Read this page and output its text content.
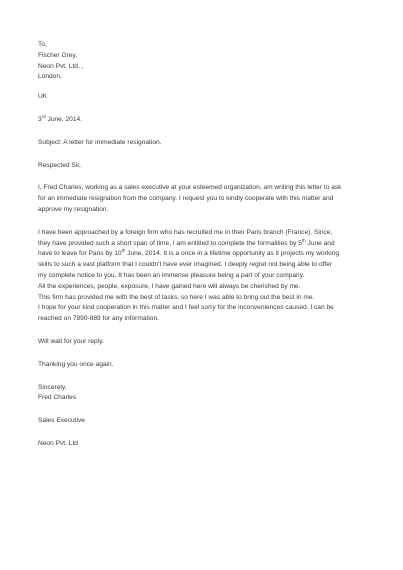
To,
Fischer Grey,
Neon Pvt. Ltd. ,
London,
UK
3rd June, 2014.
Subject: A letter for immediate resignation.
Respected Sir,
I, Fred Charles, working as a sales executive at your esteemed organization, am writing this letter to ask
for an immediate resignation from the company. I request you to kindly cooperate with this matter and
approve my resignation.
I have been approached by a foreign firm who has recruited me in their Paris branch (France). Since,
they have provided such a short span of time, I am entitled to complete the formalities by 5th June and
have to leave for Paris by 10th June, 2014. It is a once in a lifetime opportunity as it projects my working
skills to such a vast platform that I couldn't have ever imagined. I deeply regret not being able to offer
my complete notice to you. It has been an immense pleasure being a part of your company.
All the experiences, people, exposure, I have gained here will always be cherished by me.
This firm has provided me with the best of tasks, so here I was able to bring out the best in me.
I hope for your kind cooperation in this matter and I feel sorry for the inconveniences caused. I can be
reached on 7890-889 for any information.
Will wait for your reply.
Thanking you once again.
Sincerely,
Fred Charles
Sales Executive
Neon Pvt. Ltd
